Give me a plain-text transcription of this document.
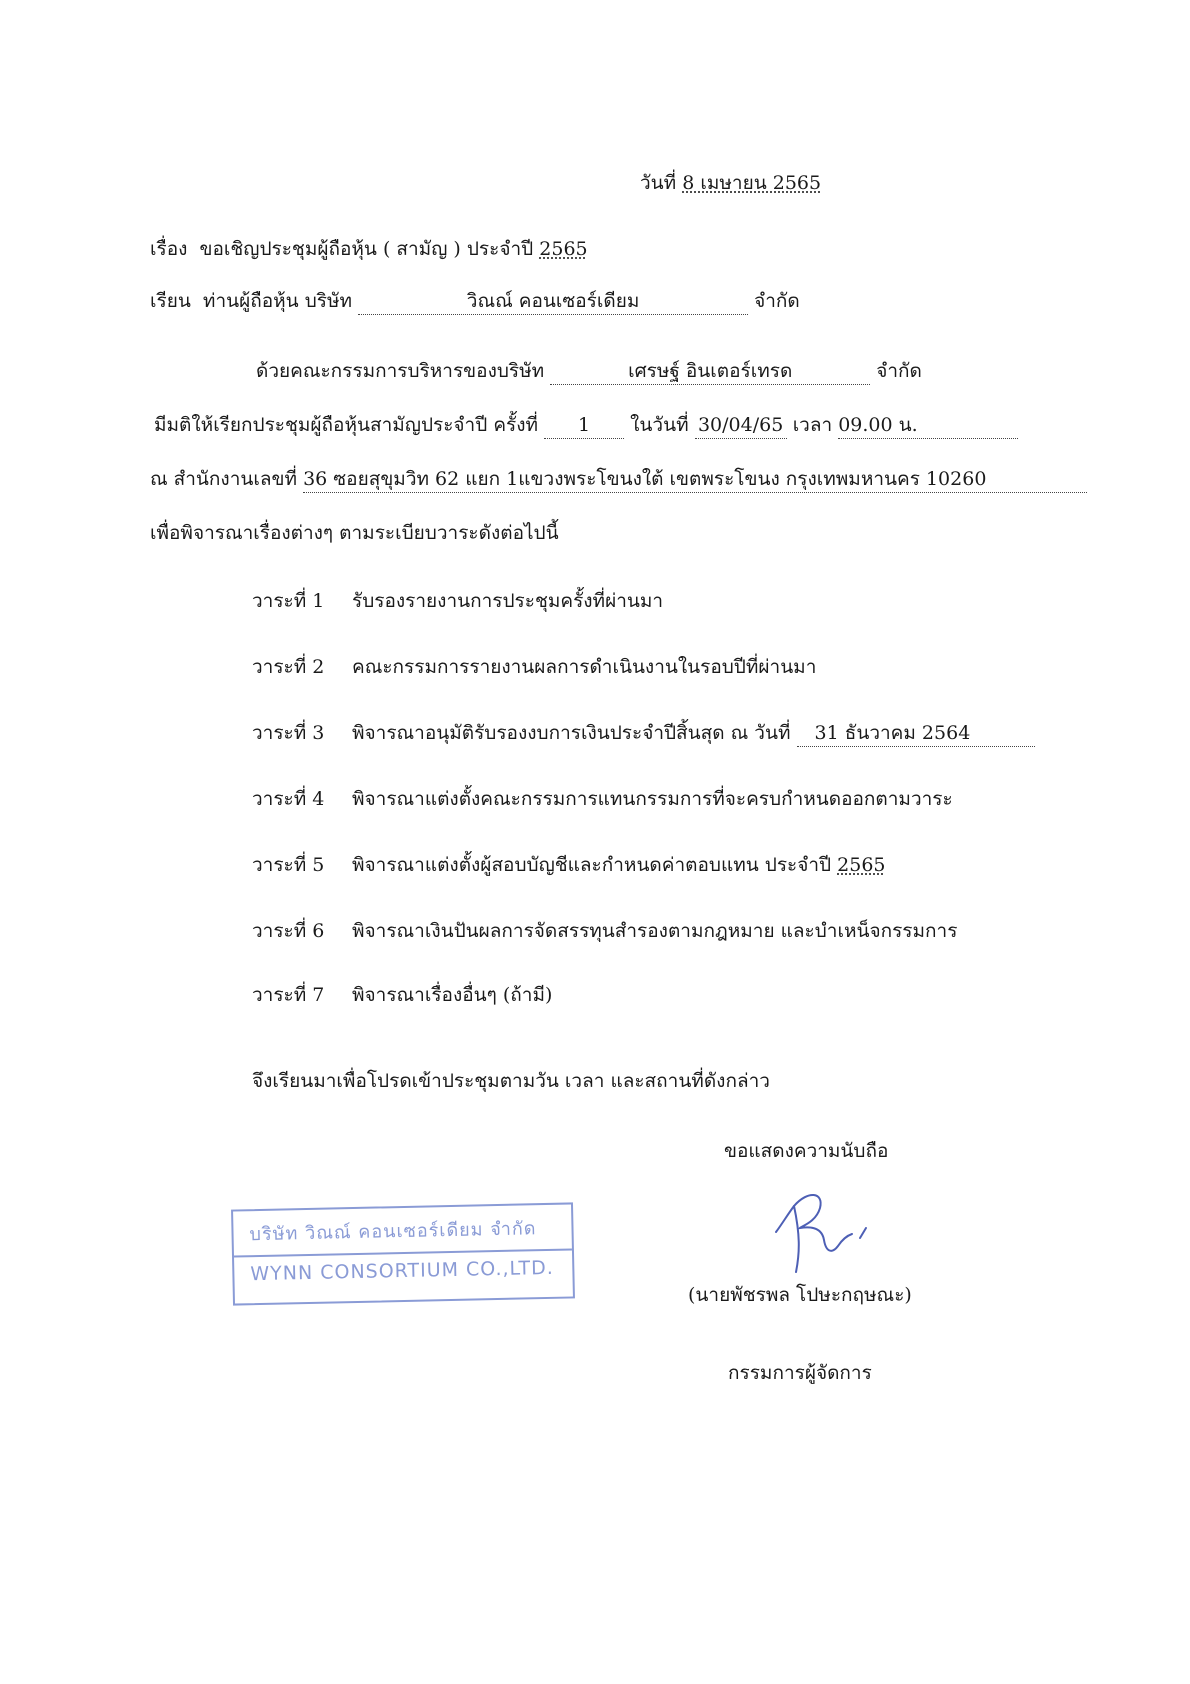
วันที่ 8 เมษายน 2565
เรื่อง ขอเชิญประชุมผู้ถือหุ้น ( สามัญ ) ประจำปี 2565
เรียน ท่านผู้ถือหุ้น บริษัท	วิณณ์ คอนเซอร์เดียม	จำกัด
ด้วยคณะกรรมการบริหารของบริษัท	เศรษฐ์ อินเตอร์เทรด	จำกัด
มีมติให้เรียกประชุมผู้ถือหุ้นสามัญประจำปี ครั้งที่ 1 ในวันที่ 30/04/65 เวลา 09.00 น.
ณ สำนักงานเลขที่ 36 ซอยสุขุมวิท 62 แยก 1แขวงพระโขนงใต้ เขตพระโขนง กรุงเทพมหานคร 10260
เพื่อพิจารณาเรื่องต่างๆ ตามระเบียบวาระดังต่อไปนี้
วาระที่ 1 รับรองรายงานการประชุมครั้งที่ผ่านมา
วาระที่ 2 คณะกรรมการรายงานผลการดำเนินงานในรอบปีที่ผ่านมา
วาระที่ 3 พิจารณาอนุมัติรับรองงบการเงินประจำปีสิ้นสุด ณ วันที่ 31 ธันวาคม 2564
วาระที่ 4 พิจารณาแต่งตั้งคณะกรรมการแทนกรรมการที่จะครบกำหนดออกตามวาระ
วาระที่ 5 พิจารณาแต่งตั้งผู้สอบบัญชีและกำหนดค่าตอบแทน ประจำปี 2565
วาระที่ 6 พิจารณาเงินปันผลการจัดสรรทุนสำรองตามกฎหมาย และบำเหน็จกรรมการ
วาระที่ 7 พิจารณาเรื่องอื่นๆ (ถ้ามี)
จึงเรียนมาเพื่อโปรดเข้าประชุมตามวัน เวลา และสถานที่ดังกล่าว
ขอแสดงความนับถือ
(นายพัชรพล โปษะกฤษณะ)
กรรมการผู้จัดการ
บริษัท วิณณ์ คอนเซอร์เดียม จำกัด
WYNN CONSORTIUM CO.,LTD.
